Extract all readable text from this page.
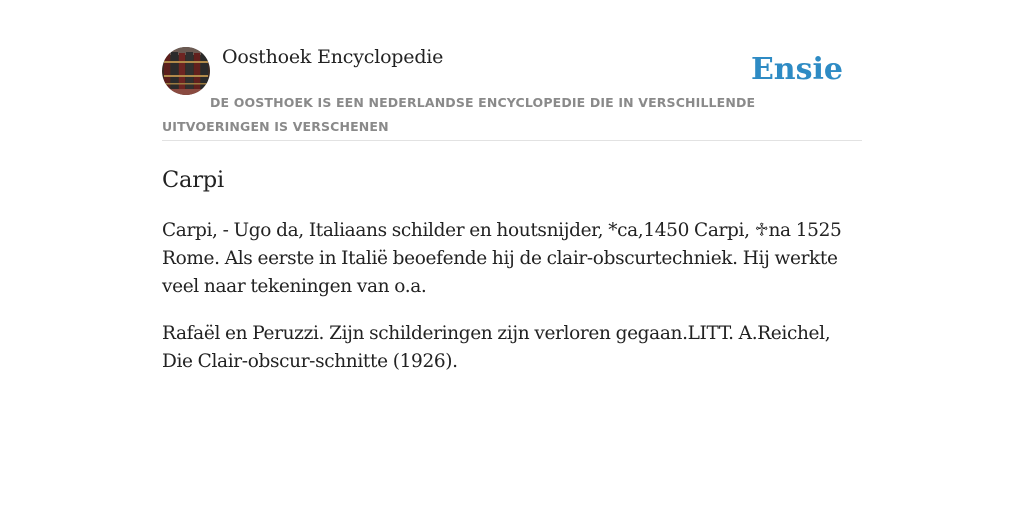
Oosthoek Encyclopedie	Ensie

DE OOSTHOEK IS EEN NEDERLANDSE ENCYCLOPEDIE DIE IN VERSCHILLENDE UITVOERINGEN IS VERSCHENEN

Carpi

Carpi, - Ugo da, Italiaans schilder en houtsnijder, *ca,1450 Carpi, ♱na 1525 Rome. Als eerste in Italië beoefende hij de clair-obscurtechniek. Hij werkte veel naar tekeningen van o.a.

Rafaël en Peruzzi. Zijn schilderingen zijn verloren gegaan.LITT. A.Reichel, Die Clair-obscur-schnitte (1926).
